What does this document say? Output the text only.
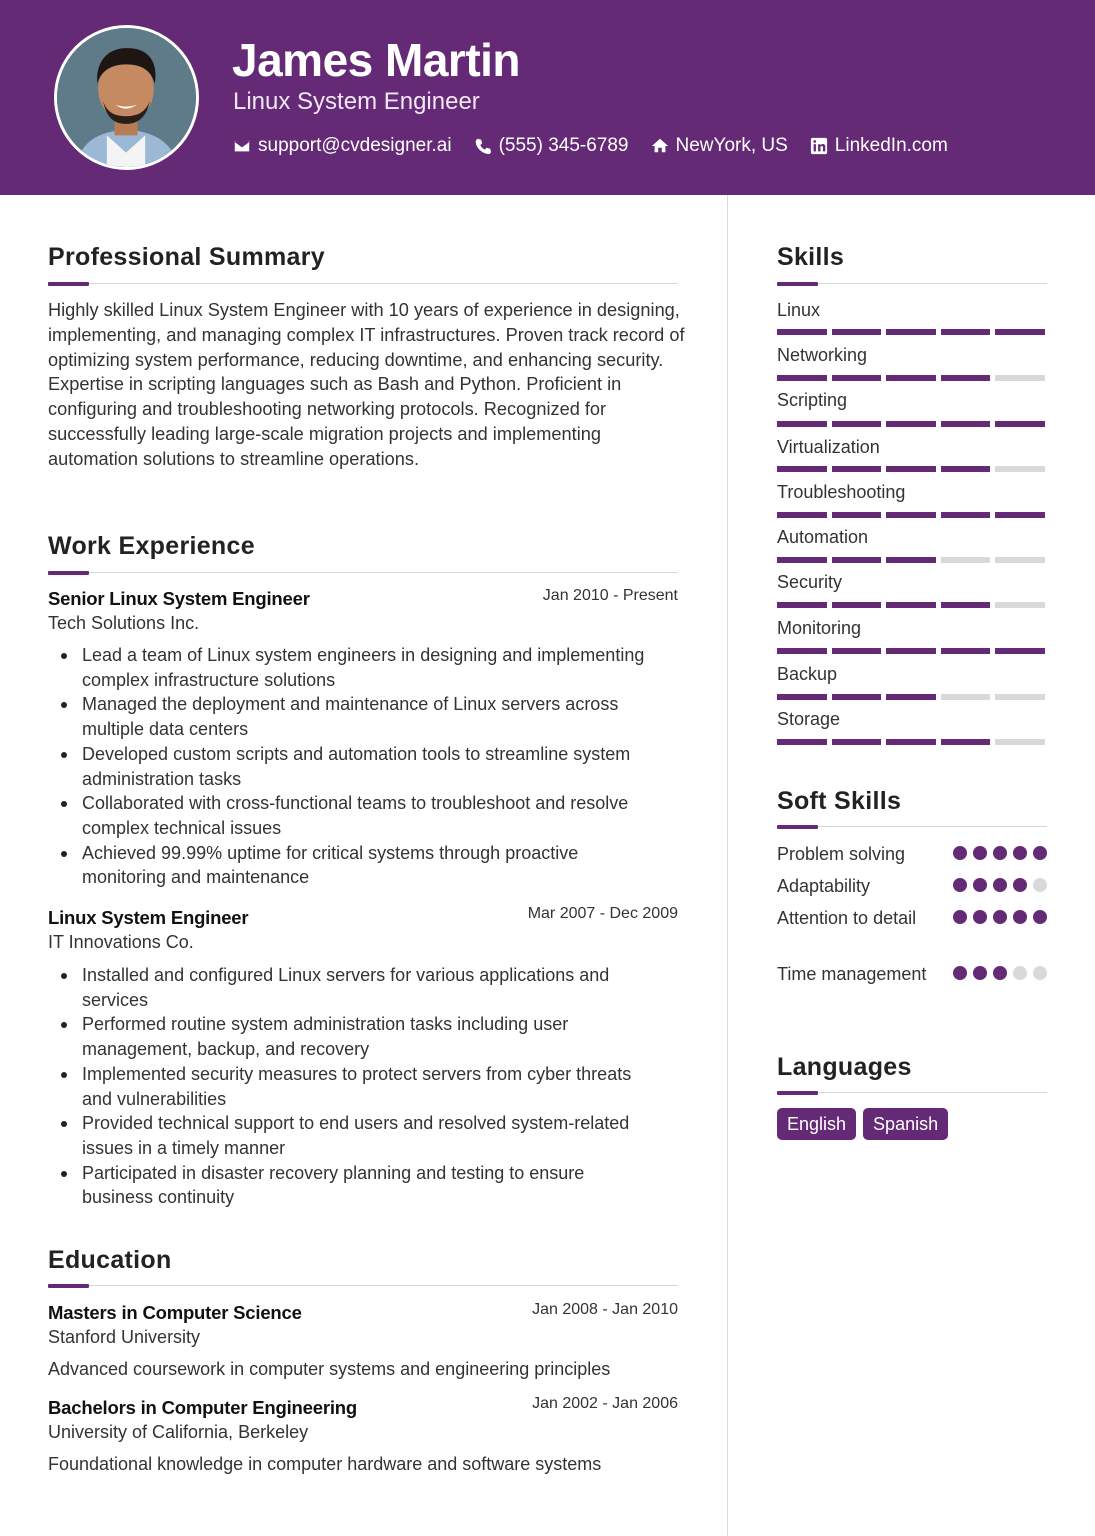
James Martin
Linux System Engineer
support@cvdesigner.ai (555) 345-6789 NewYork, US LinkedIn.com
Professional Summary
Highly skilled Linux System Engineer with 10 years of experience in designing, implementing, and managing complex IT infrastructures. Proven track record of optimizing system performance, reducing downtime, and enhancing security. Expertise in scripting languages such as Bash and Python. Proficient in configuring and troubleshooting networking protocols. Recognized for successfully leading large-scale migration projects and implementing automation solutions to streamline operations.
Work Experience
Senior Linux System Engineer	Jan 2010 - Present
Tech Solutions Inc.
Lead a team of Linux system engineers in designing and implementing complex infrastructure solutions
Managed the deployment and maintenance of Linux servers across multiple data centers
Developed custom scripts and automation tools to streamline system administration tasks
Collaborated with cross-functional teams to troubleshoot and resolve complex technical issues
Achieved 99.99% uptime for critical systems through proactive monitoring and maintenance
Linux System Engineer	Mar 2007 - Dec 2009
IT Innovations Co.
Installed and configured Linux servers for various applications and services
Performed routine system administration tasks including user management, backup, and recovery
Implemented security measures to protect servers from cyber threats and vulnerabilities
Provided technical support to end users and resolved system-related issues in a timely manner
Participated in disaster recovery planning and testing to ensure business continuity
Education
Masters in Computer Science	Jan 2008 - Jan 2010
Stanford University
Advanced coursework in computer systems and engineering principles
Bachelors in Computer Engineering	Jan 2002 - Jan 2006
University of California, Berkeley
Foundational knowledge in computer hardware and software systems
Skills
Linux
Networking
Scripting
Virtualization
Troubleshooting
Automation
Security
Monitoring
Backup
Storage
Soft Skills
Problem solving
Adaptability
Attention to detail
Time management
Languages
English	Spanish
